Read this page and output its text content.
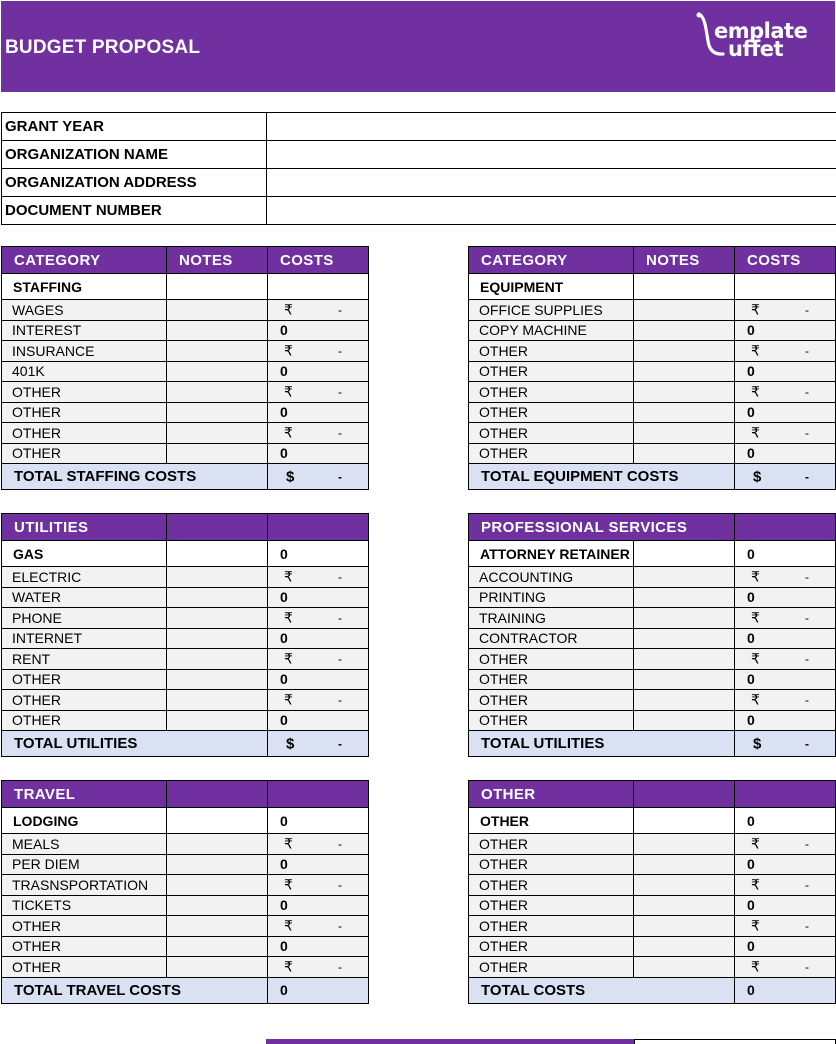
BUDGET PROPOSAL
emplate
uffet
GRANT YEAR	
ORGANIZATION NAME	
ORGANIZATION ADDRESS	
DOCUMENT NUMBER	
CATEGORY	NOTES	COSTS
STAFFING		
WAGES		₹ -

INTEREST		0

INSURANCE		₹ -

401K		0

OTHER		₹ -

OTHER		0

OTHER		₹ -

OTHER		0

TOTAL STAFFING COSTS		$ -
CATEGORY	NOTES	COSTS
EQUIPMENT		
OFFICE SUPPLIES		₹ -

COPY MACHINE		0

OTHER		₹ -

OTHER		0

OTHER		₹ -

OTHER		0

OTHER		₹ -

OTHER		0

TOTAL EQUIPMENT COSTS		$ -
UTILITIES		
GAS		0

ELECTRIC		₹ -

WATER		0

PHONE		₹ -

INTERNET		0

RENT		₹ -

OTHER		0

OTHER		₹ -

OTHER		0

TOTAL UTILITIES		$ -
PROFESSIONAL SERVICES		
ATTORNEY RETAINER		0

ACCOUNTING		₹ -

PRINTING		0

TRAINING		₹ -

CONTRACTOR		0

OTHER		₹ -

OTHER		0

OTHER		₹ -

OTHER		0

TOTAL UTILITIES		$ -
TRAVEL		
LODGING		0

MEALS		₹ -

PER DIEM		0

TRASNSPORTATION		₹ -

TICKETS		0

OTHER		₹ -

OTHER		0

OTHER		₹ -

TOTAL TRAVEL COSTS		0
OTHER		
OTHER		0

OTHER		₹ -

OTHER		0

OTHER		₹ -

OTHER		0

OTHER		₹ -

OTHER		0

OTHER		₹ -

TOTAL COSTS		0
